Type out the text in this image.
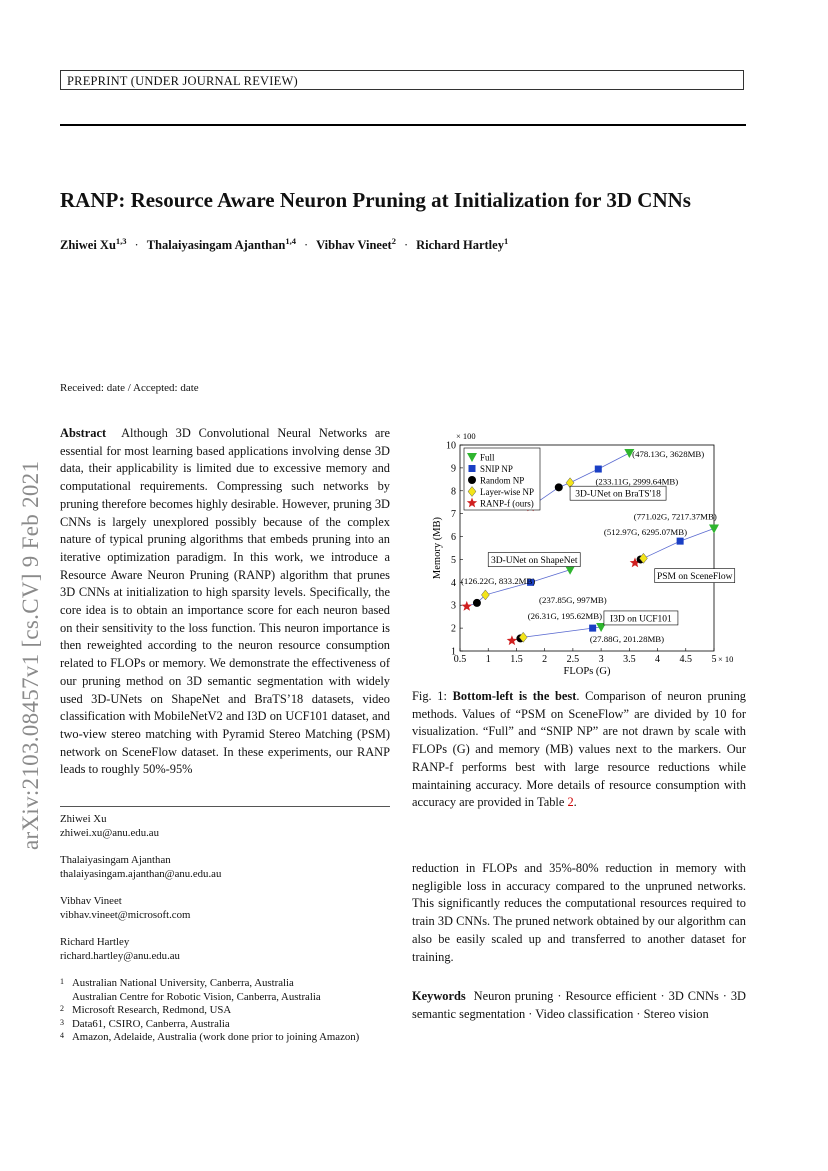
PREPRINT (UNDER JOURNAL REVIEW)
RANP: Resource Aware Neuron Pruning at Initialization for 3D CNNs
Zhiwei Xu$^{1,3}$ · Thalaiyasingam Ajanthan$^{1,4}$ · Vibhav Vineet$^2$ · Richard Hartley$^1$
arXiv:2103.08457v1 [cs.CV] 9 Feb 2021
Received: date / Accepted: date
Abstract Although 3D Convolutional Neural Networks are essential for most learning based applications involving dense 3D data, their applicability is limited due to excessive memory and computational requirements. Compressing such networks by pruning therefore becomes highly desirable. However, pruning 3D CNNs is largely unexplored possibly because of the complex nature of typical pruning algorithms that embeds pruning into an iterative optimization paradigm. In this work, we introduce a Resource Aware Neuron Pruning (RANP) algorithm that prunes 3D CNNs at initialization to high sparsity levels. Specifically, the core idea is to obtain an importance score for each neuron based on their sensitivity to the loss function. This neuron importance is then reweighted according to the neuron resource consumption related to FLOPs or memory. We demonstrate the effectiveness of our pruning method on 3D semantic segmentation with widely used 3D-UNets on ShapeNet and BraTS’18 datasets, video classification with MobileNetV2 and I3D on UCF101 dataset, and two-view stereo matching with Pyramid Stereo Matching (PSM) network on SceneFlow dataset. In these experiments, our RANP leads to roughly 50%-95%
Zhiwei Xu
zhiwei.xu@anu.edu.au
Thalaiyasingam Ajanthan
thalaiyasingam.ajanthan@anu.edu.au
Vibhav Vineet
vibhav.vineet@microsoft.com
Richard Hartley
richard.hartley@anu.edu.au
1 Australian National University, Canberra, Australia
Australian Centre for Robotic Vision, Canberra, Australia
2 Microsoft Research, Redmond, USA
3 Data61, CSIRO, Canberra, Australia
4 Amazon, Adelaide, Australia (work done prior to joining Amazon)
0.5 1 1.5 2 2.5 3 3.5 4 4.5 5
1
2
3
4
5
6
7
8
9
10
FLOPs (G)
Memory (MB)
× 10
× 100
3D-UNet on BraTS'18
(478.13G, 3628MB)
(233.11G, 2999.64MB)
PSM on SceneFlow
(771.02G, 7217.37MB)
(512.97G, 6295.07MB)
3D-UNet on ShapeNet
(126.22G, 833.2MB)
(237.85G, 997MB)
I3D on UCF101
(26.31G, 195.62MB)
(27.88G, 201.28MB)
Full
SNIP NP
Random NP
Layer-wise NP
RANP-f (ours)
Fig. 1: Bottom-left is the best. Comparison of neuron pruning methods. Values of “PSM on SceneFlow” are divided by 10 for visualization. “Full” and “SNIP NP” are not drawn by scale with FLOPs (G) and memory (MB) values next to the markers. Our RANP-f performs best with large resource reductions while maintaining accuracy. More details of resource consumption with accuracy are provided in Table 2.
reduction in FLOPs and 35%-80% reduction in memory with negligible loss in accuracy compared to the unpruned networks. This significantly reduces the computational resources required to train 3D CNNs. The pruned network obtained by our algorithm can also be easily scaled up and transferred to another dataset for training.
Keywords Neuron pruning · Resource efficient · 3D CNNs · 3D semantic segmentation · Video classification · Stereo vision
